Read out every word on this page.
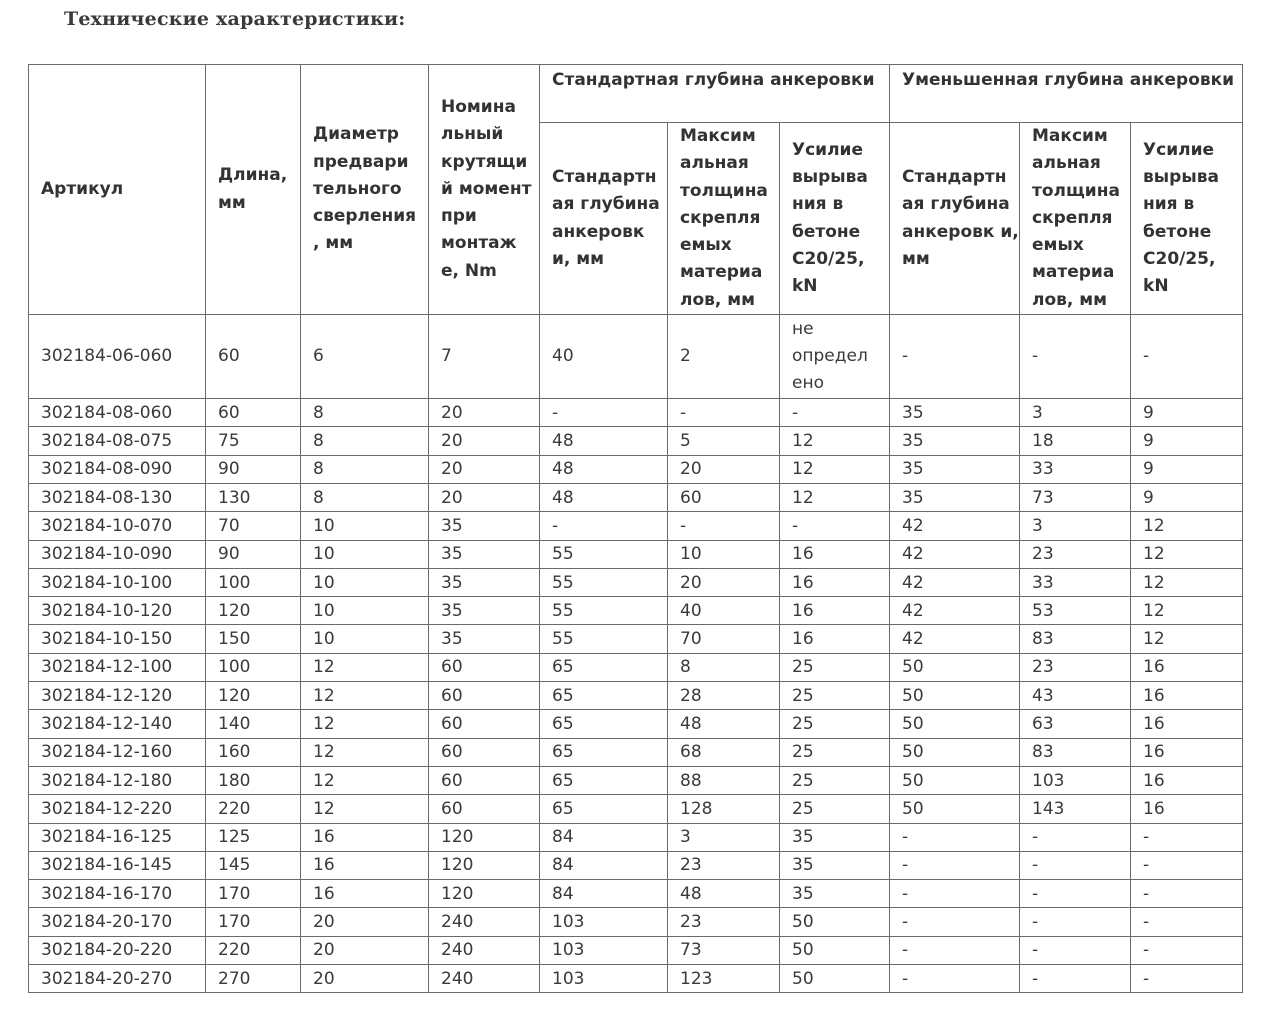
Технические характеристики:
Артикул	Длина, мм	Диаметр предвари тельного сверления , мм	Номина льный крутящи й момент при монтаж е, Nm	Стандартная глубина анкеровки			Уменьшенная глубина анкеровки		
				Стандартн ая глубина анкеровк и, мм	Максим альная толщина скрепля емых материа лов, мм	Усилие вырыва ния в бетоне C20/25, kN	Стандартн ая глубина анкеровк и, мм	Максим альная толщина скрепля емых материа лов, мм	Усилие вырыва ния в бетоне C20/25, kN
302184-06-060	60	6	7	40	2	не определ ено	-	-	-
302184-08-060	60	8	20	-	-	-	35	3	9
302184-08-075	75	8	20	48	5	12	35	18	9
302184-08-090	90	8	20	48	20	12	35	33	9
302184-08-130	130	8	20	48	60	12	35	73	9
302184-10-070	70	10	35	-	-	-	42	3	12
302184-10-090	90	10	35	55	10	16	42	23	12
302184-10-100	100	10	35	55	20	16	42	33	12
302184-10-120	120	10	35	55	40	16	42	53	12
302184-10-150	150	10	35	55	70	16	42	83	12
302184-12-100	100	12	60	65	8	25	50	23	16
302184-12-120	120	12	60	65	28	25	50	43	16
302184-12-140	140	12	60	65	48	25	50	63	16
302184-12-160	160	12	60	65	68	25	50	83	16
302184-12-180	180	12	60	65	88	25	50	103	16
302184-12-220	220	12	60	65	128	25	50	143	16
302184-16-125	125	16	120	84	3	35	-	-	-
302184-16-145	145	16	120	84	23	35	-	-	-
302184-16-170	170	16	120	84	48	35	-	-	-
302184-20-170	170	20	240	103	23	50	-	-	-
302184-20-220	220	20	240	103	73	50	-	-	-
302184-20-270	270	20	240	103	123	50	-	-	-
